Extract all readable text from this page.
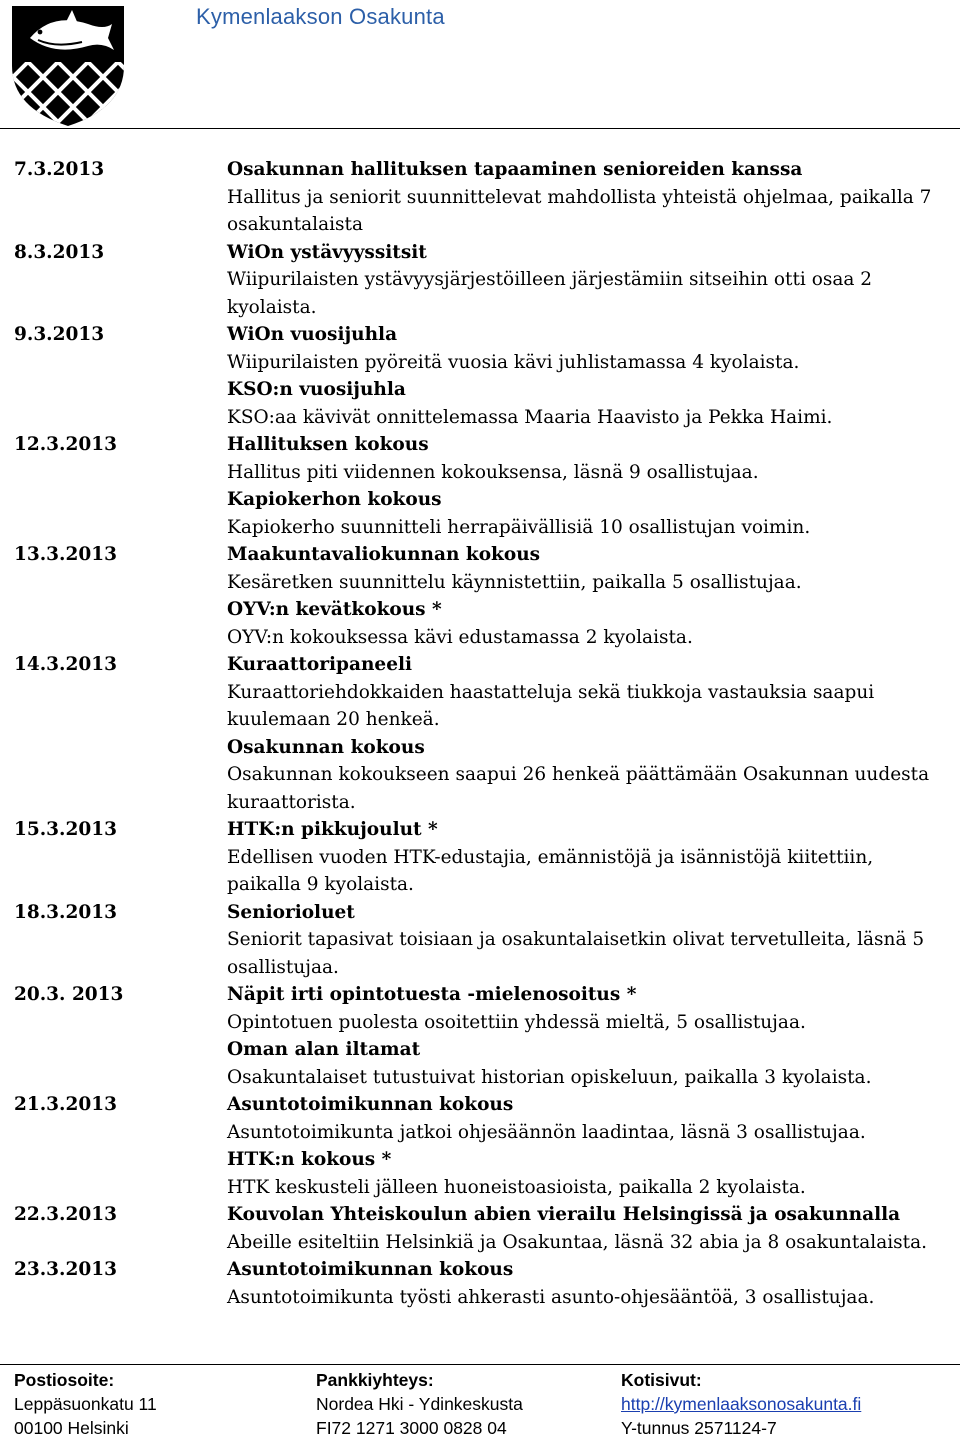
Kymenlaakson Osakunta
7.3.2013	Osakunnan hallituksen tapaaminen senioreiden kanssa
Hallitus ja seniorit suunnittelevat mahdollista yhteistä ohjelmaa, paikalla 7 osakuntalaista
8.3.2013	WiOn ystävyyssitsit
Wiipurilaisten ystävyysjärjestöilleen järjestämiin sitseihin otti osaa 2 kyolaista.
9.3.2013	WiOn vuosijuhla
Wiipurilaisten pyöreitä vuosia kävi juhlistamassa 4 kyolaista.
KSO:n vuosijuhla
KSO:aa kävivät onnittelemassa Maaria Haavisto ja Pekka Haimi.
12.3.2013	Hallituksen kokous
Hallitus piti viidennen kokouksensa, läsnä 9 osallistujaa.
Kapiokerhon kokous
Kapiokerho suunnitteli herrapäivällisiä 10 osallistujan voimin.
13.3.2013	Maakuntavaliokunnan kokous
Kesäretken suunnittelu käynnistettiin, paikalla 5 osallistujaa.
OYV:n kevätkokous *
OYV:n kokouksessa kävi edustamassa 2 kyolaista.
14.3.2013	Kuraattoripaneeli
Kuraattoriehdokkaiden haastatteluja sekä tiukkoja vastauksia saapui kuulemaan 20 henkeä.
Osakunnan kokous
Osakunnan kokoukseen saapui 26 henkeä päättämään Osakunnan uudesta kuraattorista.
15.3.2013	HTK:n pikkujoulut *
Edellisen vuoden HTK-edustajia, emännistöjä ja isännistöjä kiitettiin, paikalla 9 kyolaista.
18.3.2013	Seniorioluet
Seniorit tapasivat toisiaan ja osakuntalaisetkin olivat tervetulleita, läsnä 5 osallistujaa.
20.3. 2013	Näpit irti opintotuesta -mielenosoitus *
Opintotuen puolesta osoitettiin yhdessä mieltä, 5 osallistujaa.
Oman alan iltamat
Osakuntalaiset tutustuivat historian opiskeluun, paikalla 3 kyolaista.
21.3.2013	Asuntotoimikunnan kokous
Asuntotoimikunta jatkoi ohjesäännön laadintaa, läsnä 3 osallistujaa.
HTK:n kokous *
HTK keskusteli jälleen huoneistoasioista, paikalla 2 kyolaista.
22.3.2013	Kouvolan Yhteiskoulun abien vierailu Helsingissä ja osakunnalla
Abeille esiteltiin Helsinkiä ja Osakuntaa, läsnä 32 abia ja 8 osakuntalaista.
23.3.2013	Asuntotoimikunnan kokous
Asuntotoimikunta työsti ahkerasti asunto-ohjesääntöä, 3 osallistujaa.
Postiosoite:
Leppäsuonkatu 11
00100 Helsinki
Pankkiyhteys:
Nordea Hki - Ydinkeskusta
FI72 1271 3000 0828 04
Kotisivut:
http://kymenlaaksonosakunta.fi
Y-tunnus 2571124-7
